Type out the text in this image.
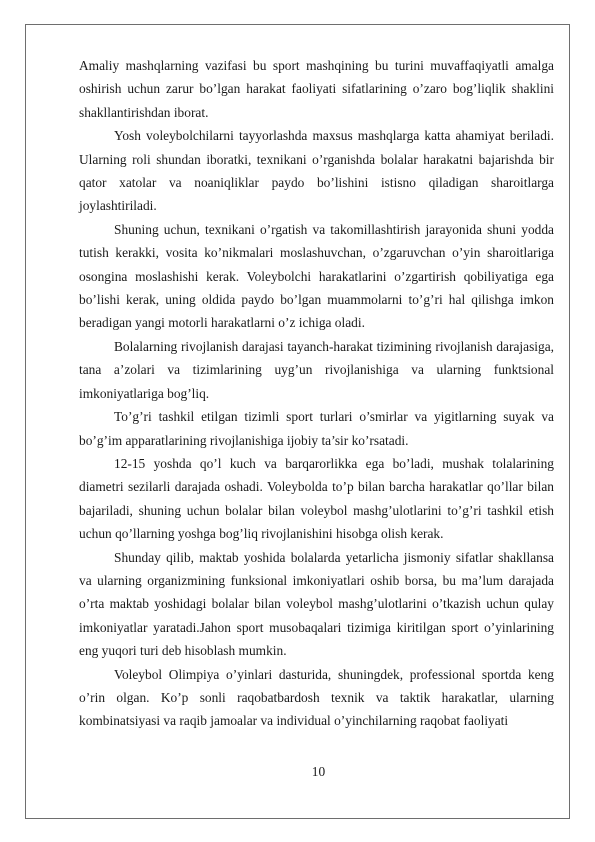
Amaliy mashqlarning vazifasi bu sport mashqining bu turini muvaffaqiyatli amalga oshirish uchun zarur bo’lgan harakat faoliyati sifatlarining o’zaro bog’liqlik shaklini shakllantirishdan iborat.

Yosh voleybolchilarni tayyorlashda maxsus mashqlarga katta ahamiyat beriladi. Ularning roli shundan iboratki, texnikani o’rganishda bolalar harakatni bajarishda bir qator xatolar va noaniqliklar paydo bo’lishini istisno qiladigan sharoitlarga joylashtiriladi.

Shuning uchun, texnikani o’rgatish va takomillashtirish jarayonida shuni yodda tutish kerakki, vosita ko’nikmalari moslashuvchan, o’zgaruvchan o’yin sharoitlariga osongina moslashishi kerak. Voleybolchi harakatlarini o’zgartirish qobiliyatiga ega bo’lishi kerak, uning oldida paydo bo’lgan muammolarni to’g’ri hal qilishga imkon beradigan yangi motorli harakatlarni o’z ichiga oladi.

Bolalarning rivojlanish darajasi tayanch-harakat tizimining rivojlanish darajasiga, tana a’zolari va tizimlarining uyg’un rivojlanishiga va ularning funktsional imkoniyatlariga bog’liq.

To’g’ri tashkil etilgan tizimli sport turlari o’smirlar va yigitlarning suyak va bo’g’im apparatlarining rivojlanishiga ijobiy ta’sir ko’rsatadi.

12-15 yoshda qo’l kuch va barqarorlikka ega bo’ladi, mushak tolalarining diametri sezilarli darajada oshadi. Voleybolda to’p bilan barcha harakatlar qo’llar bilan bajariladi, shuning uchun bolalar bilan voleybol mashg’ulotlarini to’g’ri tashkil etish uchun qo’llarning yoshga bog’liq rivojlanishini hisobga olish kerak.

Shunday qilib, maktab yoshida bolalarda yetarlicha jismoniy sifatlar shakllansa va ularning organizmining funksional imkoniyatlari oshib borsa, bu ma’lum darajada o’rta maktab yoshidagi bolalar bilan voleybol mashg’ulotlarini o’tkazish uchun qulay imkoniyatlar yaratadi.Jahon sport musobaqalari tizimiga kiritilgan sport o’yinlarining eng yuqori turi deb hisoblash mumkin.

Voleybol Olimpiya o’yinlari dasturida, shuningdek, professional sportda keng o’rin olgan. Ko’p sonli raqobatbardosh texnik va taktik harakatlar, ularning kombinatsiyasi va raqib jamoalar va individual o’yinchilarning raqobat faoliyati

10
